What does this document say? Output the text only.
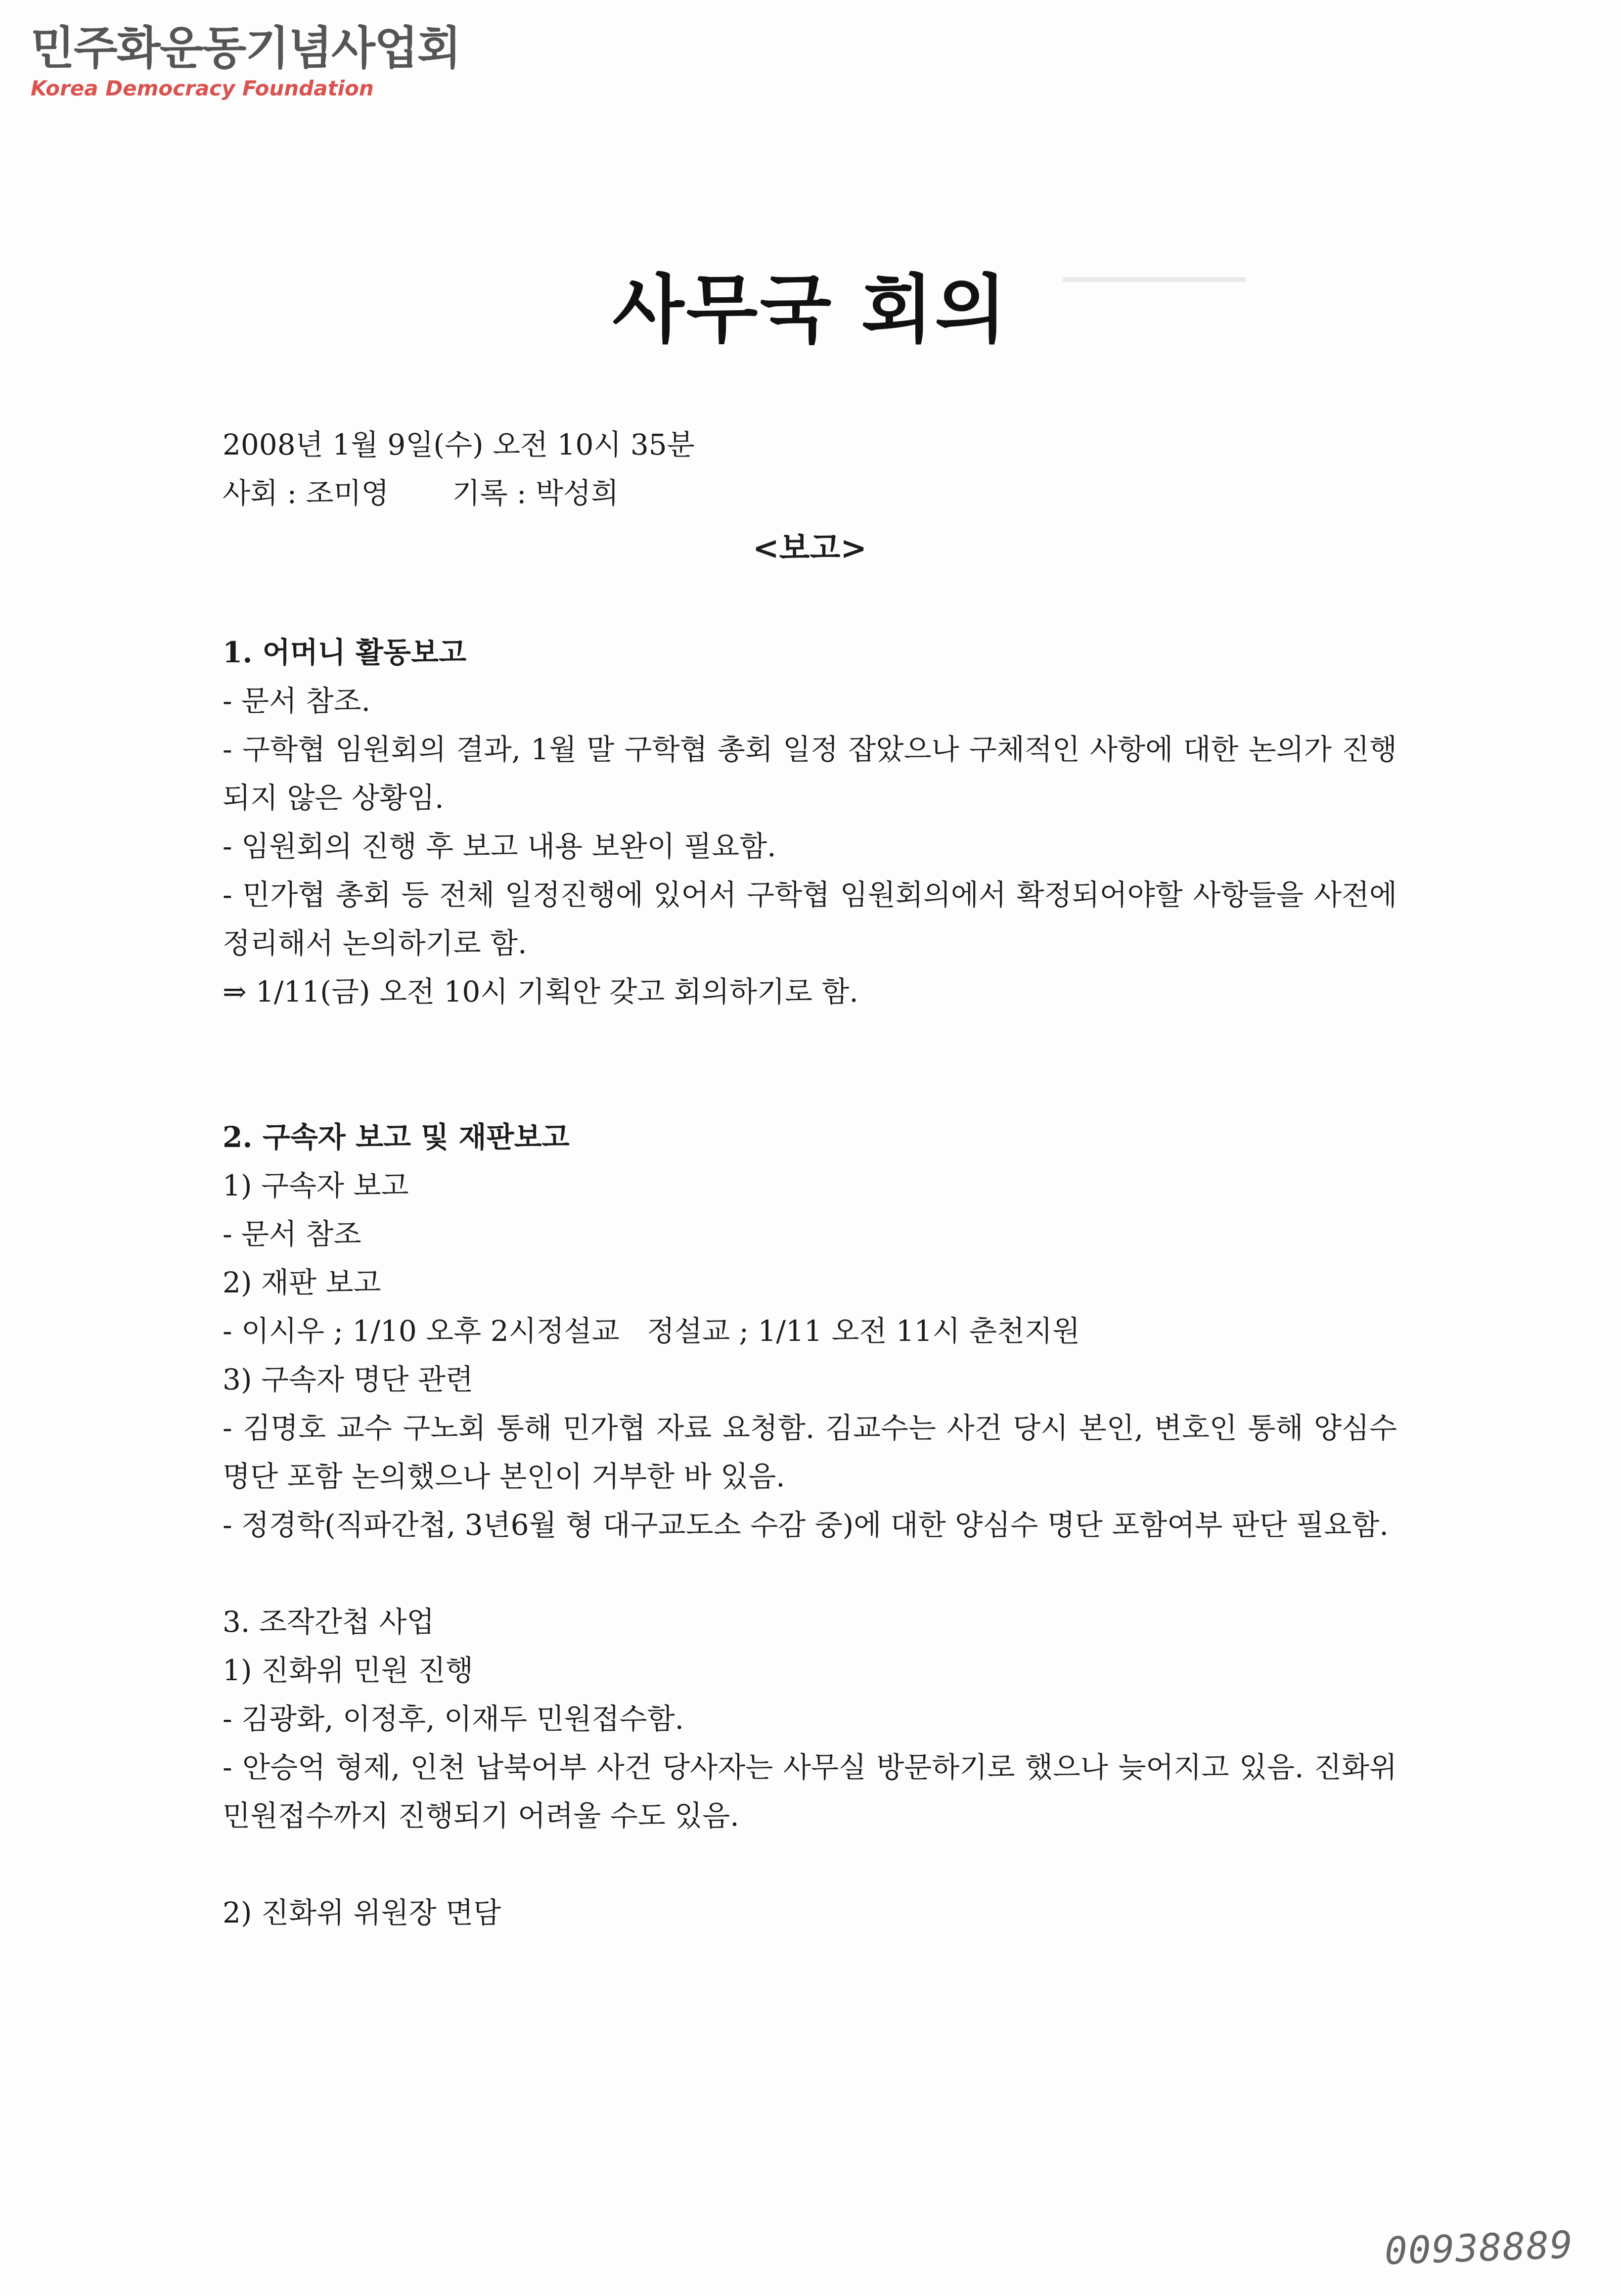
▁▁▁▁▁▁▁▁
민주화운동기념사업회
Korea Democracy Foundation
사무국 회의

2008년 1월 9일(수) 오전 10시 35분

사회 : 조미영 기록 : 박성희

<보고>

1. 어머니 활동보고

- 문서 참조.

- 구학협 임원회의 결과, 1월 말 구학협 총회 일정 잡았으나 구체적인 사항에 대한 논의가 진행되지 않은 상황임.

- 임원회의 진행 후 보고 내용 보완이 필요함.

- 민가협 총회 등 전체 일정진행에 있어서 구학협 임원회의에서 확정되어야할 사항들을 사전에 정리해서 논의하기로 함.

⇒ 1/11(금) 오전 10시 기획안 갖고 회의하기로 함.

2. 구속자 보고 및 재판보고

1) 구속자 보고

- 문서 참조

2) 재판 보고

- 이시우 ; 1/10 오후 2시정설교   정설교 ; 1/11 오전 11시 춘천지원

3) 구속자 명단 관련

- 김명호 교수 구노회 통해 민가협 자료 요청함. 김교수는 사건 당시 본인, 변호인 통해 양심수 명단 포함 논의했으나 본인이 거부한 바 있음.

- 정경학(직파간첩, 3년6월 형 대구교도소 수감 중)에 대한 양심수 명단 포함여부 판단 필요함.

3. 조작간첩 사업

1) 진화위 민원 진행

- 김광화, 이정후, 이재두 민원접수함.

- 안승억 형제, 인천 납북어부 사건 당사자는 사무실 방문하기로 했으나 늦어지고 있음. 진화위 민원접수까지 진행되기 어려울 수도 있음.

2) 진화위 위원장 면담

00938889
